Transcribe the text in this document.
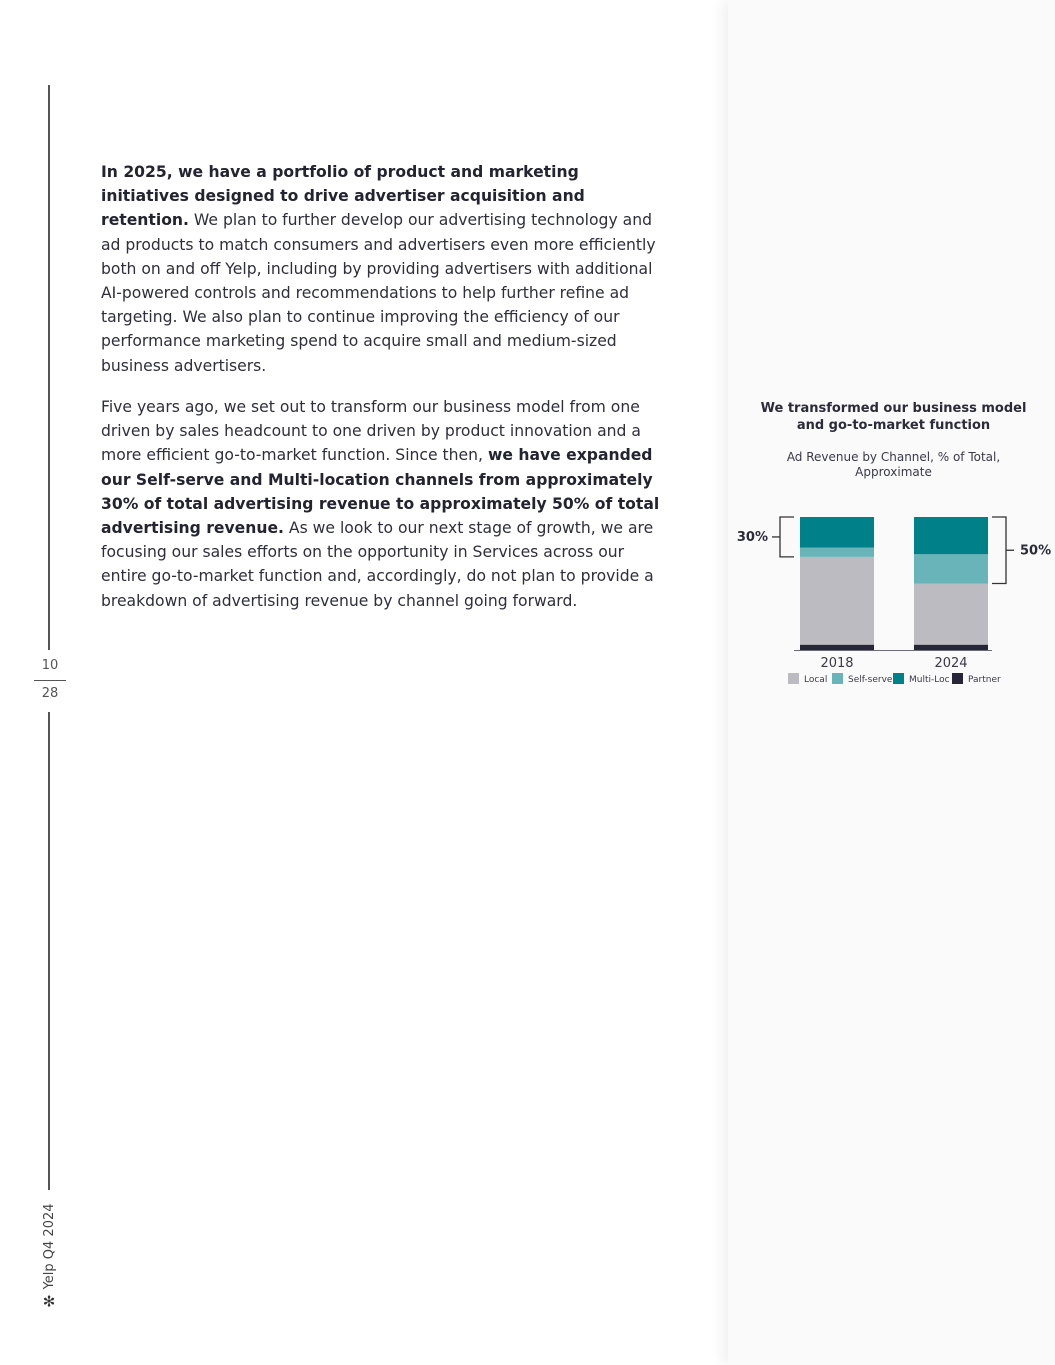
10
28
✻
Yelp Q4 2024
In 2025, we have a portfolio of product and marketing initiatives designed to drive advertiser acquisition and retention. We plan to further develop our advertising technology and ad products to match consumers and advertisers even more efficiently both on and off Yelp, including by providing advertisers with additional AI-powered controls and recommendations to help further refine ad targeting. We also plan to continue improving the efficiency of our performance marketing spend to acquire small and medium-sized business advertisers.
Five years ago, we set out to transform our business model from one driven by sales headcount to one driven by product innovation and a more efficient go-to-market function. Since then, we have expanded our Self-serve and Multi-location channels from approximately 30% of total advertising revenue to approximately 50% of total advertising revenue. As we look to our next stage of growth, we are focusing our sales efforts on the opportunity in Services across our entire go-to-market function and, accordingly, do not plan to provide a breakdown of advertising revenue by channel going forward.
We transformed our business model and go-to-market function
Ad Revenue by Channel, % of Total, Approximate
2018	2024
30%
50%
Local Self-serve Multi-Loc Partner
